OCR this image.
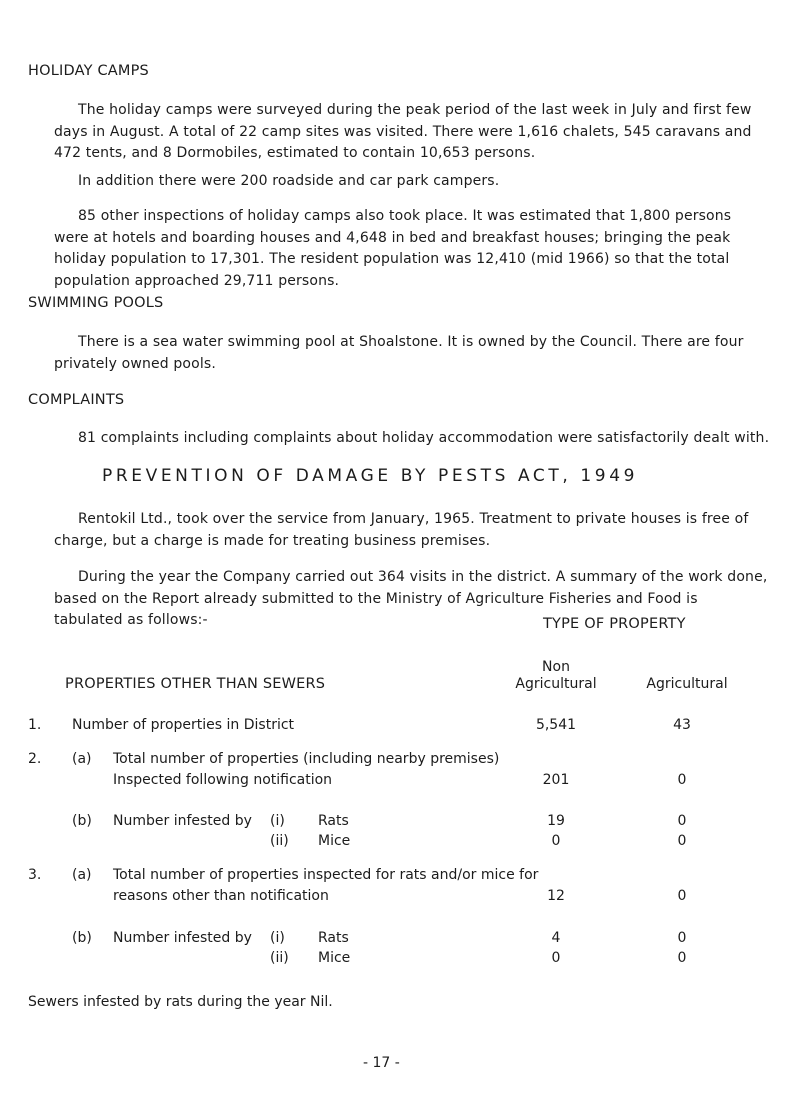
HOLIDAY CAMPS
The holiday camps were surveyed during the peak period of the last week in July and first few days in August. A total of 22 camp sites was visited. There were 1,616 chalets, 545 caravans and 472 tents, and 8 Dormobiles, estimated to contain 10,653 persons.
In addition there were 200 roadside and car park campers.
85 other inspections of holiday camps also took place. It was estimated that 1,800 persons were at hotels and boarding houses and 4,648 in bed and breakfast houses; bringing the peak holiday population to 17,301. The resident population was 12,410 (mid 1966) so that the total population approached 29,711 persons.
SWIMMING POOLS
There is a sea water swimming pool at Shoalstone. It is owned by the Council. There are four privately owned pools.
COMPLAINTS
81 complaints including complaints about holiday accommodation were satisfactorily dealt with.
PREVENTION OF DAMAGE BY PESTS ACT, 1949
Rentokil Ltd., took over the service from January, 1965. Treatment to private houses is free of charge, but a charge is made for treating business premises.
During the year the Company carried out 364 visits in the district. A summary of the work done, based on the Report already submitted to the Ministry of Agriculture Fisheries and Food is tabulated as follows:-	TYPE OF PROPERTY
PROPERTIES OTHER THAN SEWERS
Non
Agricultural	Agricultural
1. Number of properties in District	5,541	43
2. (a) Total number of properties (including nearby premises)
Inspected following notification	201	0
(b) Number infested by (i) Rats	19	0
(ii) Mice	0	0
3. (a) Total number of properties inspected for rats and/or mice for
reasons other than notification	12	0
(b) Number infested by (i) Rats	4	0
(ii) Mice	0	0
Sewers infested by rats during the year Nil.
- 17 -
